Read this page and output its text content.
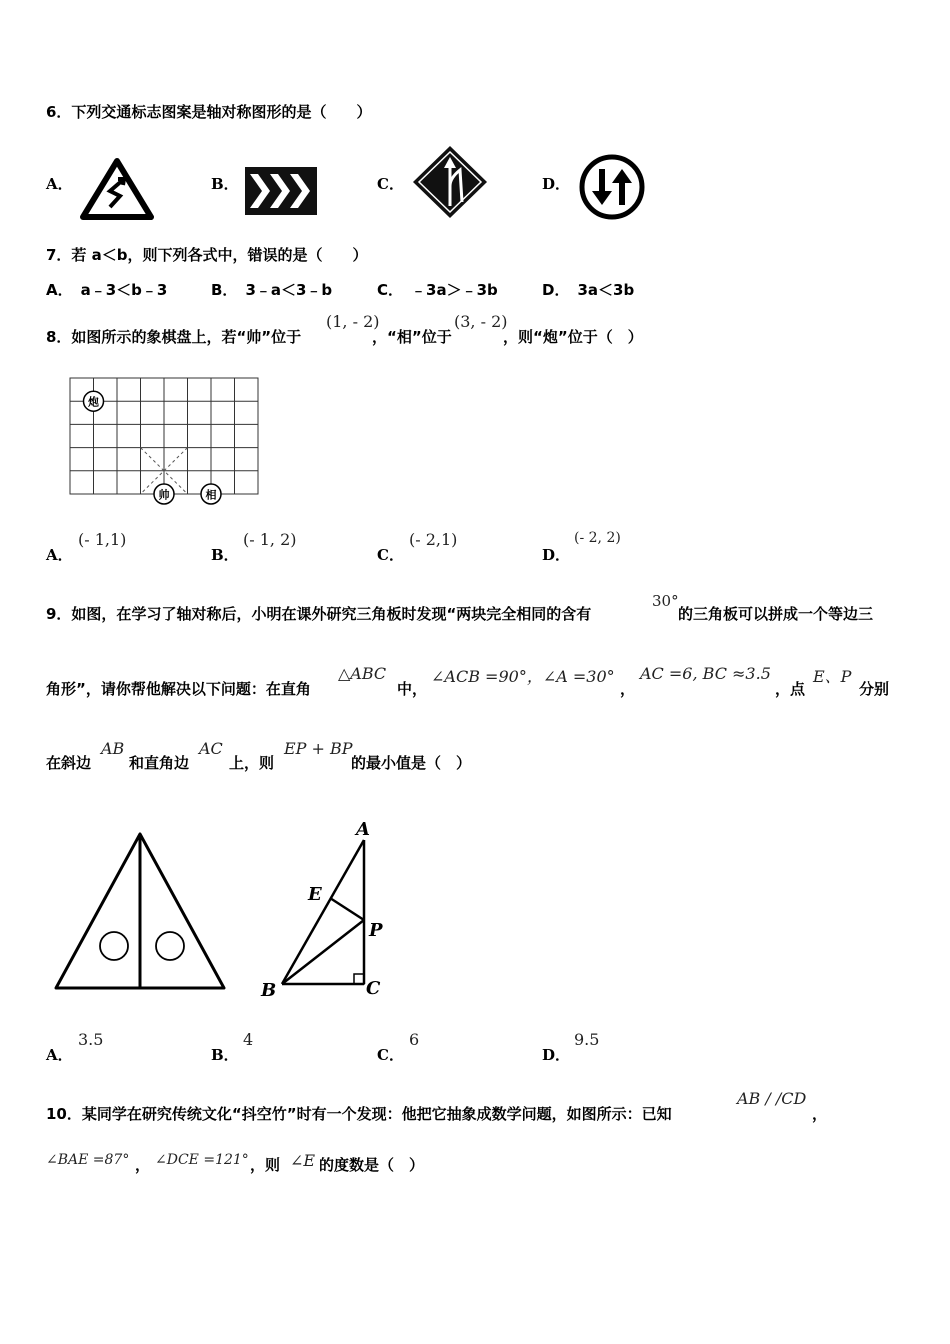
6．下列交通标志图案是轴对称图形的是（　　）
A．	B．	C．	D．
7．若 a＜b，则下列各式中，错误的是（　　）
A． a﹣3＜b﹣3	B． 3﹣a＜3﹣b	C． ﹣3a＞﹣3b	D． 3a＜3b
8．如图所示的象棋盘上，若“帅”位于
(1, - 2)
，“相”位于
(3, - 2)
，则“炮”位于（　）
炮
帅	相
A．
(- 1,1)
B．
(- 1, 2)
C．
(- 2,1)
D．
(- 2, 2)
9．如图，在学习了轴对称后，小明在课外研究三角板时发现“两块完全相同的含有
30°
的三角板可以拼成一个等边三
角形”，请你帮他解决以下问题：在直角
△ABC
中，
∠ACB =90°，∠A =30°
，
AC =6, BC ≈3.5
，点
E、P
分别
在斜边
AB
和直角边
AC
上，则
EP + BP
的最小值是（　）
A
E
P
B	C
A．
3.5
B．
4
C．
6
D．
9.5
10．某同学在研究传统文化“抖空竹”时有一个发现：他把它抽象成数学问题，如图所示：已知
AB / /CD
，
∠BAE =87° ， ∠DCE =121° ，则 ∠E 的度数是（　）
